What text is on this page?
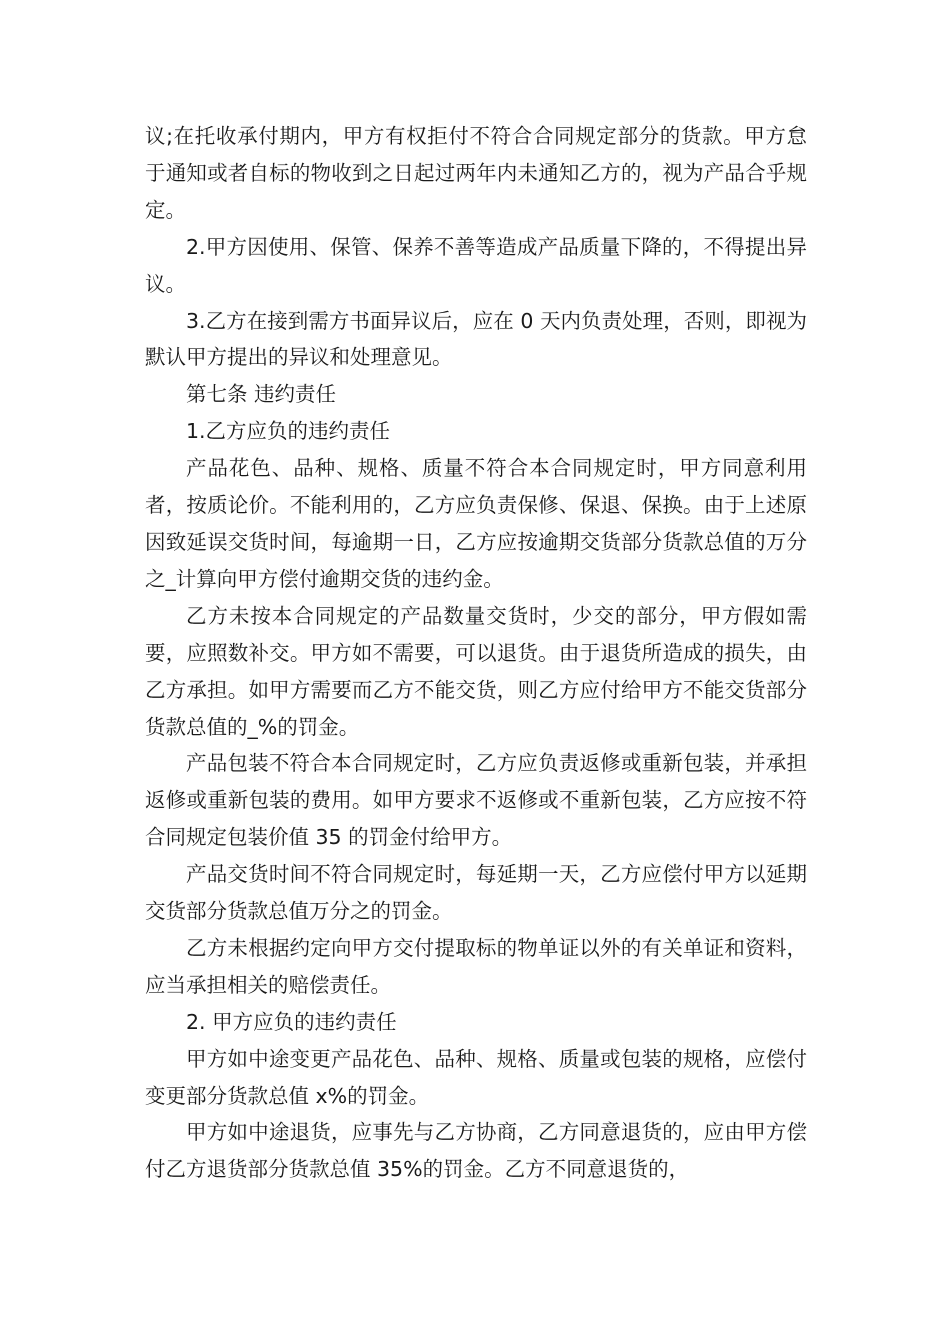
议;在托收承付期内，甲方有权拒付不符合合同规定部分的货款。甲方怠于通知或者自标的物收到之日起过两年内未通知乙方的，视为产品合乎规定。

2.甲方因使用、保管、保养不善等造成产品质量下降的，不得提出异议。

3.乙方在接到需方书面异议后，应在 0 天内负责处理，否则，即视为默认甲方提出的异议和处理意见。

第七条 违约责任

1.乙方应负的违约责任

产品花色、品种、规格、质量不符合本合同规定时，甲方同意利用者，按质论价。不能利用的，乙方应负责保修、保退、保换。由于上述原因致延误交货时间，每逾期一日，乙方应按逾期交货部分货款总值的万分之_计算向甲方偿付逾期交货的违约金。

乙方未按本合同规定的产品数量交货时，少交的部分，甲方假如需要，应照数补交。甲方如不需要，可以退货。由于退货所造成的损失，由乙方承担。如甲方需要而乙方不能交货，则乙方应付给甲方不能交货部分货款总值的_%的罚金。

产品包装不符合本合同规定时，乙方应负责返修或重新包装，并承担返修或重新包装的费用。如甲方要求不返修或不重新包装，乙方应按不符合同规定包装价值 35 的罚金付给甲方。

产品交货时间不符合同规定时，每延期一天，乙方应偿付甲方以延期交货部分货款总值万分之的罚金。

乙方未根据约定向甲方交付提取标的物单证以外的有关单证和资料，应当承担相关的赔偿责任。

2. 甲方应负的违约责任

甲方如中途变更产品花色、品种、规格、质量或包装的规格，应偿付变更部分货款总值 x%的罚金。

甲方如中途退货，应事先与乙方协商，乙方同意退货的，应由甲方偿付乙方退货部分货款总值 35%的罚金。乙方不同意退货的，
